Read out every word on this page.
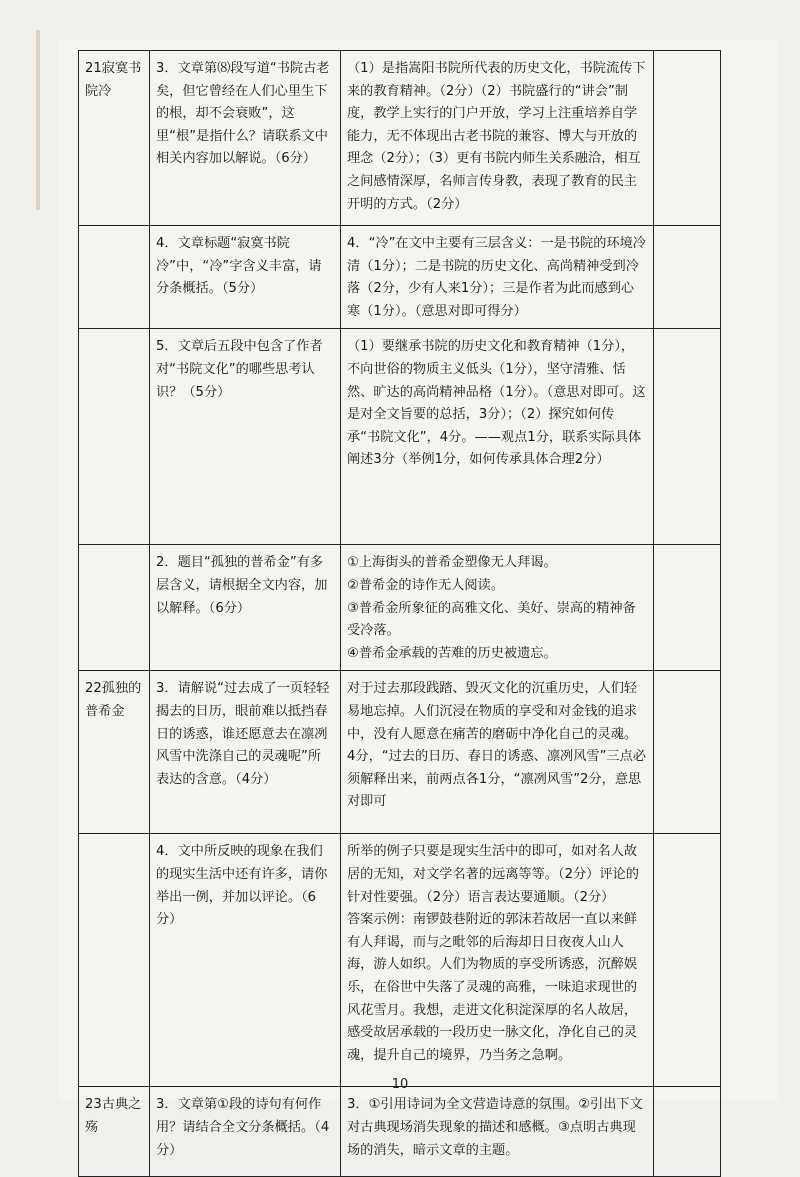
21寂寞书院冷	3．文章第⑻段写道“书院古老矣，但它曾经在人们心里生下的根，却不会衰败”，这里“根”是指什么？请联系文中相关内容加以解说。（6分）	（1）是指嵩阳书院所代表的历史文化，书院流传下来的教育精神。（2分）（2）书院盛行的“讲会”制度，教学上实行的门户开放，学习上注重培养自学能力，无不体现出古老书院的兼容、博大与开放的理念（2分）；（3）更有书院内师生关系融洽，相互之间感情深厚，名师言传身教，表现了教育的民主开明的方式。（2分）	

	4．文章标题“寂寞书院冷”中，“冷”字含义丰富，请分条概括。（5分）	4．“冷”在文中主要有三层含义：一是书院的环境冷清（1分）；二是书院的历史文化、高尚精神受到冷落（2分，少有人来1分）；三是作者为此而感到心寒（1分）。（意思对即可得分）	

	5．文章后五段中包含了作者对“书院文化”的哪些思考认识？（5分）	（1）要继承书院的历史文化和教育精神（1分），不向世俗的物质主义低头（1分），坚守清雅、恬然、旷达的高尚精神品格（1分）。（意思对即可。这是对全文旨要的总括，3分）；（2）探究如何传承“书院文化”，4分。——观点1分，联系实际具体阐述3分（举例1分，如何传承具体合理2分）	

	2．题目“孤独的普希金”有多层含义，请根据全文内容，加以解释。（6分）	①上海街头的普希金塑像无人拜谒。

②普希金的诗作无人阅读。

③普希金所象征的高雅文化、美好、崇高的精神备受冷落。

④普希金承载的苦难的历史被遗忘。	

22孤独的普希金	3．请解说“过去成了一页轻轻揭去的日历，眼前难以抵挡春日的诱惑，谁还愿意去在凛冽风雪中洗涤自己的灵魂呢”所表达的含意。（4分）	对于过去那段践踏、毁灭文化的沉重历史，人们轻易地忘掉。人们沉浸在物质的享受和对金钱的追求中，没有人愿意在痛苦的磨砺中净化自己的灵魂。

4分，“过去的日历、春日的诱惑、凛冽风雪”三点必须解释出来，前两点各1分，“凛冽风雪”2分，意思对即可	

	4．文中所反映的现象在我们的现实生活中还有许多，请你举出一例，并加以评论。（6分）	所举的例子只要是现实生活中的即可，如对名人故居的无知，对文学名著的远离等等。（2分）评论的针对性要强。（2分）语言表达要通顺。（2分）

答案示例：南锣鼓巷附近的郭沫若故居一直以来鲜有人拜谒，而与之毗邻的后海却日日夜夜人山人海，游人如织。人们为物质的享受所诱惑，沉醉娱乐，在俗世中失落了灵魂的高雅，一味追求现世的风花雪月。我想，走进文化积淀深厚的名人故居，感受故居承载的一段历史一脉文化，净化自己的灵魂，提升自己的境界，乃当务之急啊。	

23古典之殇	3．文章第①段的诗句有何作用？请结合全文分条概括。（4分）	3．①引用诗词为全文营造诗意的氛围。②引出下文对古典现场消失现象的描述和感概。③点明古典现场的消失，暗示文章的主题。	

10
